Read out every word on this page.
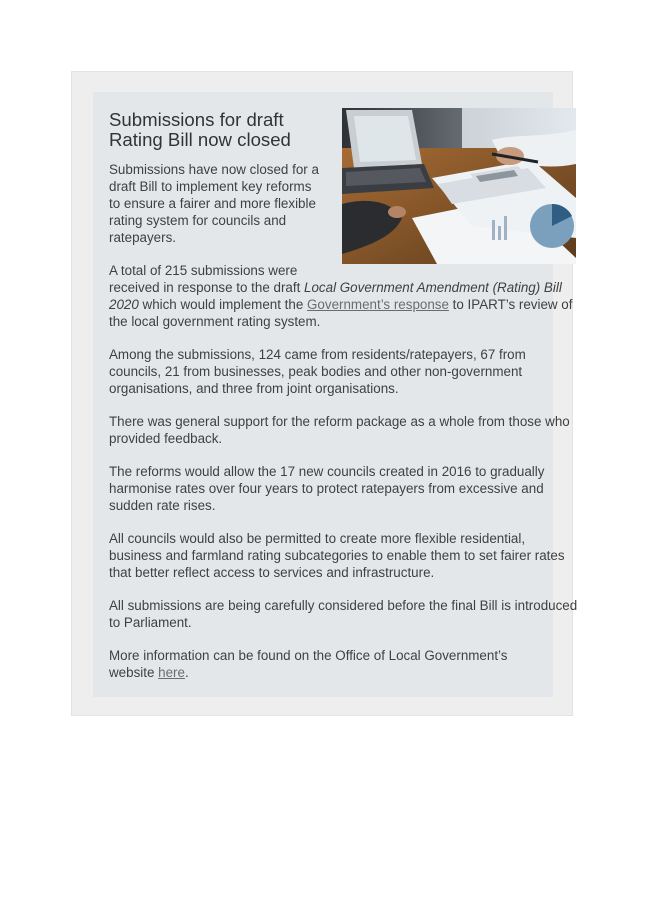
Submissions for draft
Rating Bill now closed

Submissions have now closed for a
draft Bill to implement key reforms
to ensure a fairer and more flexible
rating system for councils and
ratepayers.

A total of 215 submissions were
received in response to the draft Local Government Amendment (Rating) Bill
2020 which would implement the Government’s response to IPART’s review of
the local government rating system.

Among the submissions, 124 came from residents/ratepayers, 67 from
councils, 21 from businesses, peak bodies and other non-government
organisations, and three from joint organisations.

There was general support for the reform package as a whole from those who
provided feedback.

The reforms would allow the 17 new councils created in 2016 to gradually
harmonise rates over four years to protect ratepayers from excessive and
sudden rate rises.

All councils would also be permitted to create more flexible residential,
business and farmland rating subcategories to enable them to set fairer rates
that better reflect access to services and infrastructure.

All submissions are being carefully considered before the final Bill is introduced
to Parliament.

More information can be found on the Office of Local Government’s
website here.
